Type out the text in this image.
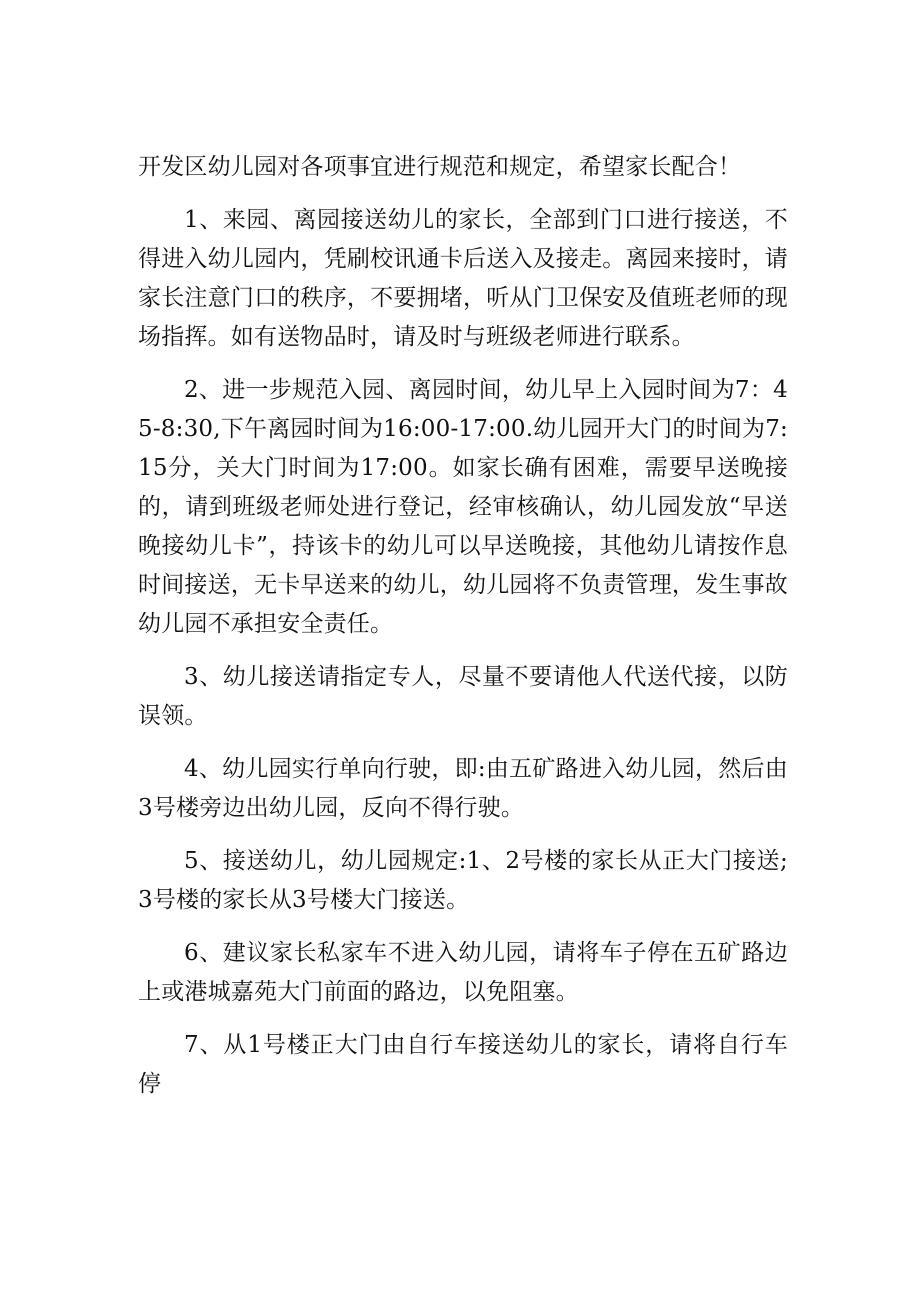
开发区幼儿园对各项事宜进行规范和规定，希望家长配合！

1、来园、离园接送幼儿的家长，全部到门口进行接送，不得进入幼儿园内，凭刷校讯通卡后送入及接走。离园来接时，请家长注意门口的秩序，不要拥堵，听从门卫保安及值班老师的现场指挥。如有送物品时，请及时与班级老师进行联系。

2、进一步规范入园、离园时间，幼儿早上入园时间为7：45-8:30,下午离园时间为16:00-17:00.幼儿园开大门的时间为7:15分，关大门时间为17:00。如家长确有困难，需要早送晚接的，请到班级老师处进行登记，经审核确认，幼儿园发放“早送晚接幼儿卡”，持该卡的幼儿可以早送晚接，其他幼儿请按作息时间接送，无卡早送来的幼儿，幼儿园将不负责管理，发生事故幼儿园不承担安全责任。

3、幼儿接送请指定专人，尽量不要请他人代送代接，以防误领。

4、幼儿园实行单向行驶，即:由五矿路进入幼儿园，然后由3号楼旁边出幼儿园，反向不得行驶。

5、接送幼儿，幼儿园规定:1、2号楼的家长从正大门接送;3号楼的家长从3号楼大门接送。

6、建议家长私家车不进入幼儿园，请将车子停在五矿路边上或港城嘉苑大门前面的路边，以免阻塞。

7、从1号楼正大门由自行车接送幼儿的家长，请将自行车停
